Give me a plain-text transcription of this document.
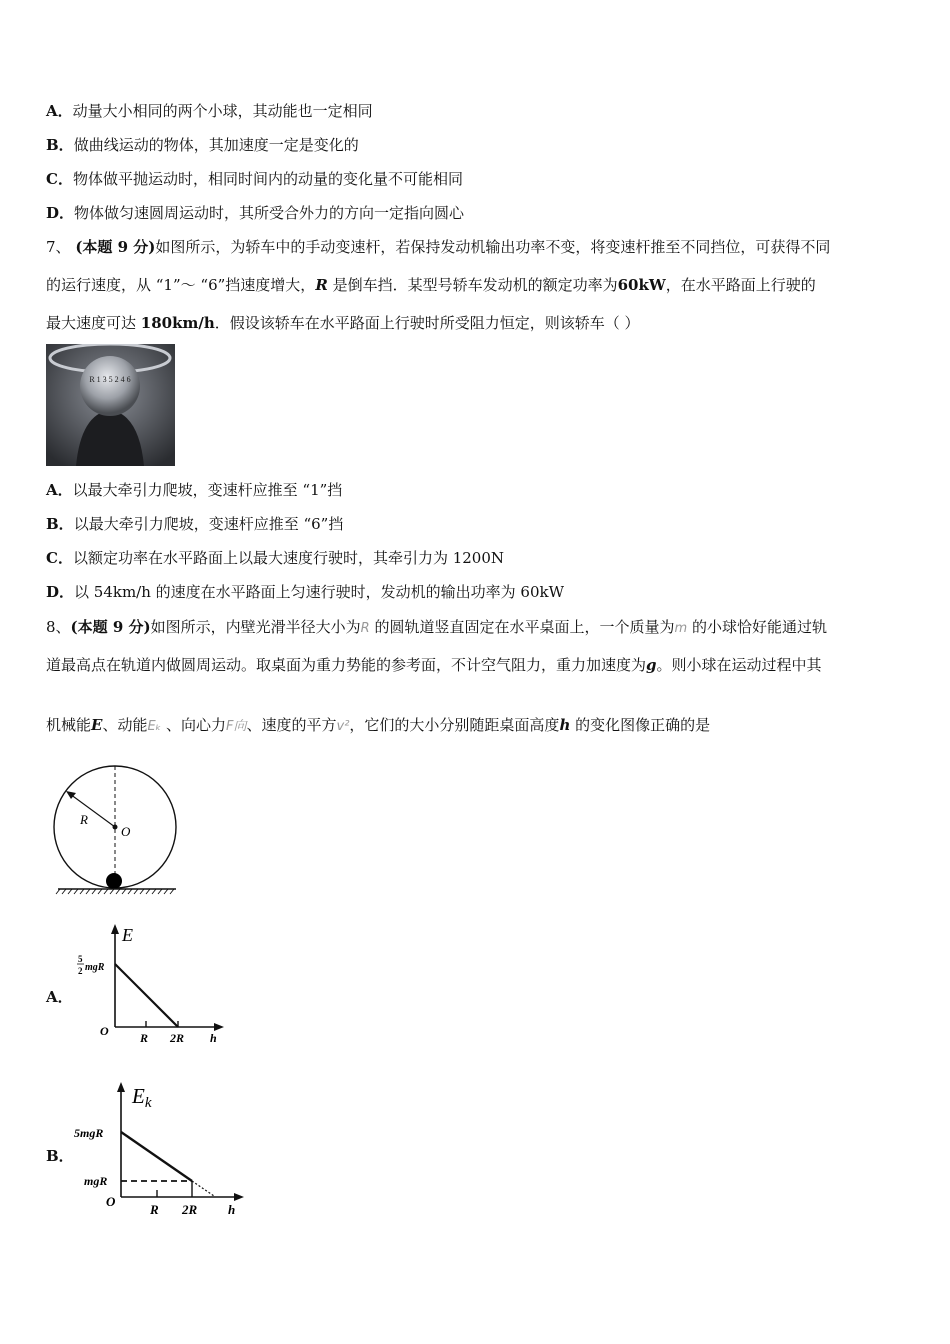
A．动量大小相同的两个小球，其动能也一定相同
B．做曲线运动的物体，其加速度一定是变化的
C．物体做平抛运动时，相同时间内的动量的变化量不可能相同
D．物体做匀速圆周运动时，其所受合外力的方向一定指向圆心
7、 (本题 9 分)如图所示，为轿车中的手动变速杆，若保持发动机输出功率不变，将变速杆推至不同挡位，可获得不同
的运行速度，从 “1”～ “6”挡速度增大，R 是倒车挡．某型号轿车发动机的额定功率为60kW，在水平路面上行驶的
最大速度可达 180km/h．假设该轿车在水平路面上行驶时所受阻力恒定，则该轿车（ ）
R 1 3 5 2 4 6
A．以最大牵引力爬坡，变速杆应推至 “1”挡
B．以最大牵引力爬坡，变速杆应推至 “6”挡
C．以额定功率在水平路面上以最大速度行驶时，其牵引力为 1200N
D．以 54km/h 的速度在水平路面上匀速行驶时，发动机的输出功率为 60kW
8、(本题 9 分)如图所示，内壁光滑半径大小为R 的圆轨道竖直固定在水平桌面上，一个质量为m 的小球恰好能通过轨
道最高点在轨道内做圆周运动。取桌面为重力势能的参考面，不计空气阻力，重力加速度为g。则小球在运动过程中其
机械能E、动能Eₖ 、向心力F向、速度的平方v²，它们的大小分别随距桌面高度h 的变化图像正确的是
R
O
A．
E
5
2 mgR
O	R 2R h
B．
Ek
5mgR
mgR
O
R 2R h
